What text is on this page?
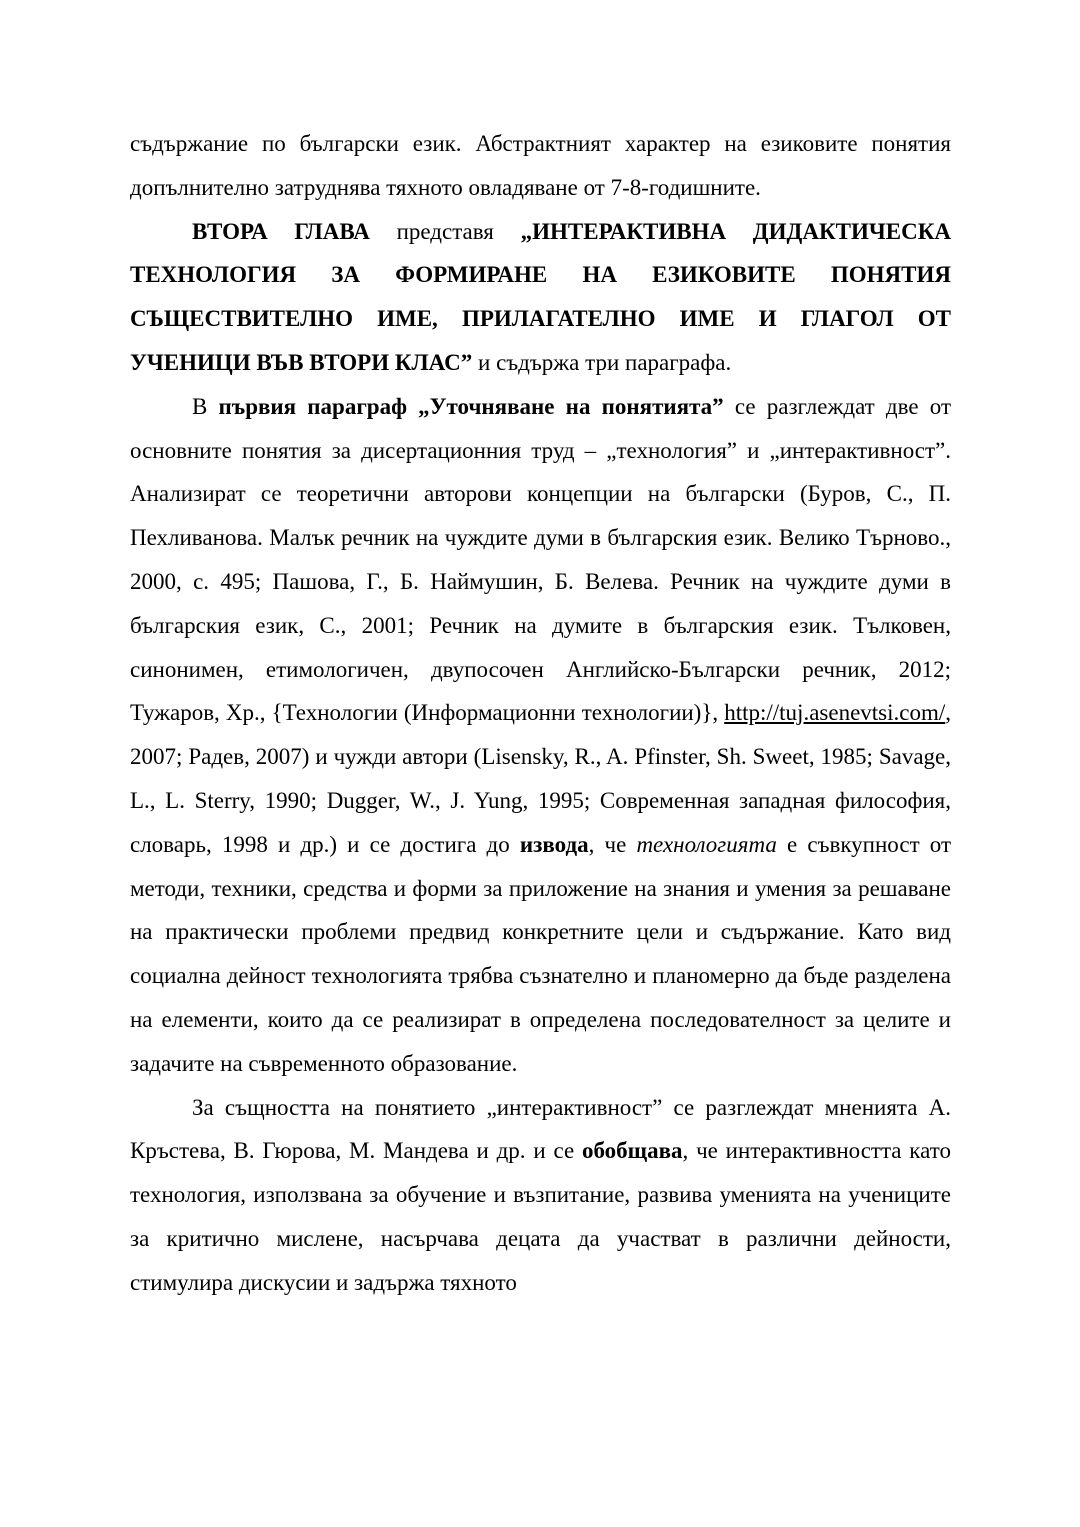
съдържание по български език. Абстрактният характер на езиковите понятия допълнително затруднява тяхното овладяване от 7-8-годишните.

ВТОРА ГЛАВА представя „ИНТЕРАКТИВНА ДИДАКТИЧЕСКА ТЕХНОЛОГИЯ ЗА ФОРМИРАНЕ НА ЕЗИКОВИТЕ ПОНЯТИЯ СЪЩЕСТВИТЕЛНО ИМЕ, ПРИЛАГАТЕЛНО ИМЕ И ГЛАГОЛ ОТ УЧЕНИЦИ ВЪВ ВТОРИ КЛАС” и съдържа три параграфа.

В първия параграф „Уточняване на понятията” се разглеждат две от основните понятия за дисертационния труд – „технология” и „интерактивност”. Анализират се теоретични авторови концепции на български (Буров, С., П. Пехливанова. Малък речник на чуждите думи в българския език. Велико Търново., 2000, с. 495; Пашова, Г., Б. Наймушин, Б. Велева. Речник на чуждите думи в българския език, С., 2001; Речник на думите в българския език. Тълковен, синонимен, етимологичен, двупосочен Английско-Български речник, 2012; Тужаров, Хр., {Технологии (Информационни технологии)}, http://tuj.asenevtsi.com/, 2007; Радев, 2007) и чужди автори (Lisensky, R., A. Pfinster, Sh. Sweet, 1985; Savage, L., L. Sterry, 1990; Dugger, W., J. Yung, 1995; Современная западная философия, словарь, 1998 и др.) и се достига до извода, че технологията е съвкупност от методи, техники, средства и форми за приложение на знания и умения за решаване на практически проблеми предвид конкретните цели и съдържание. Като вид социална дейност технологията трябва съзнателно и планомерно да бъде разделена на елементи, които да се реализират в определена последователност за целите и задачите на съвременното образование.

За същността на понятието „интерактивност” се разглеждат мненията А. Кръстева, В. Гюрова, М. Мандева и др. и се обобщава, че интерактивността като технология, използвана за обучение и възпитание, развива уменията на учениците за критично мислене, насърчава децата да участват в различни дейности, стимулира дискусии и задържа тяхното
